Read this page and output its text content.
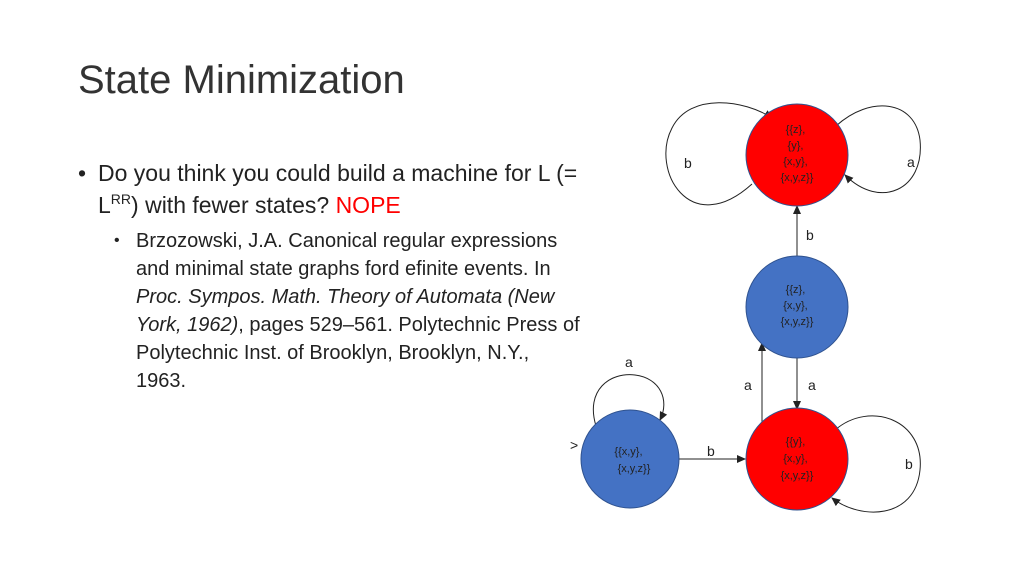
State Minimization
• Do you think you could build a machine for L (= $L^{RR}$) with fewer states? NOPE
• Brzozowski, J.A. Canonical regular expressions and minimal state graphs ford efinite events. In Proc. Sympos. Math. Theory of Automata (New York, 1962), pages 529–561. Polytechnic Press of Polytechnic Inst. of Brooklyn, Brooklyn, N.Y., 1963.
{{z}, {y}, {x,y}, {x,y,z}}
{{z}, {x,y}, {x,y,z}}
{{x,y}, {x,y,z}}
{{y}, {x,y}, {x,y,z}}
b	a
b
a
a	a
>	b
b
